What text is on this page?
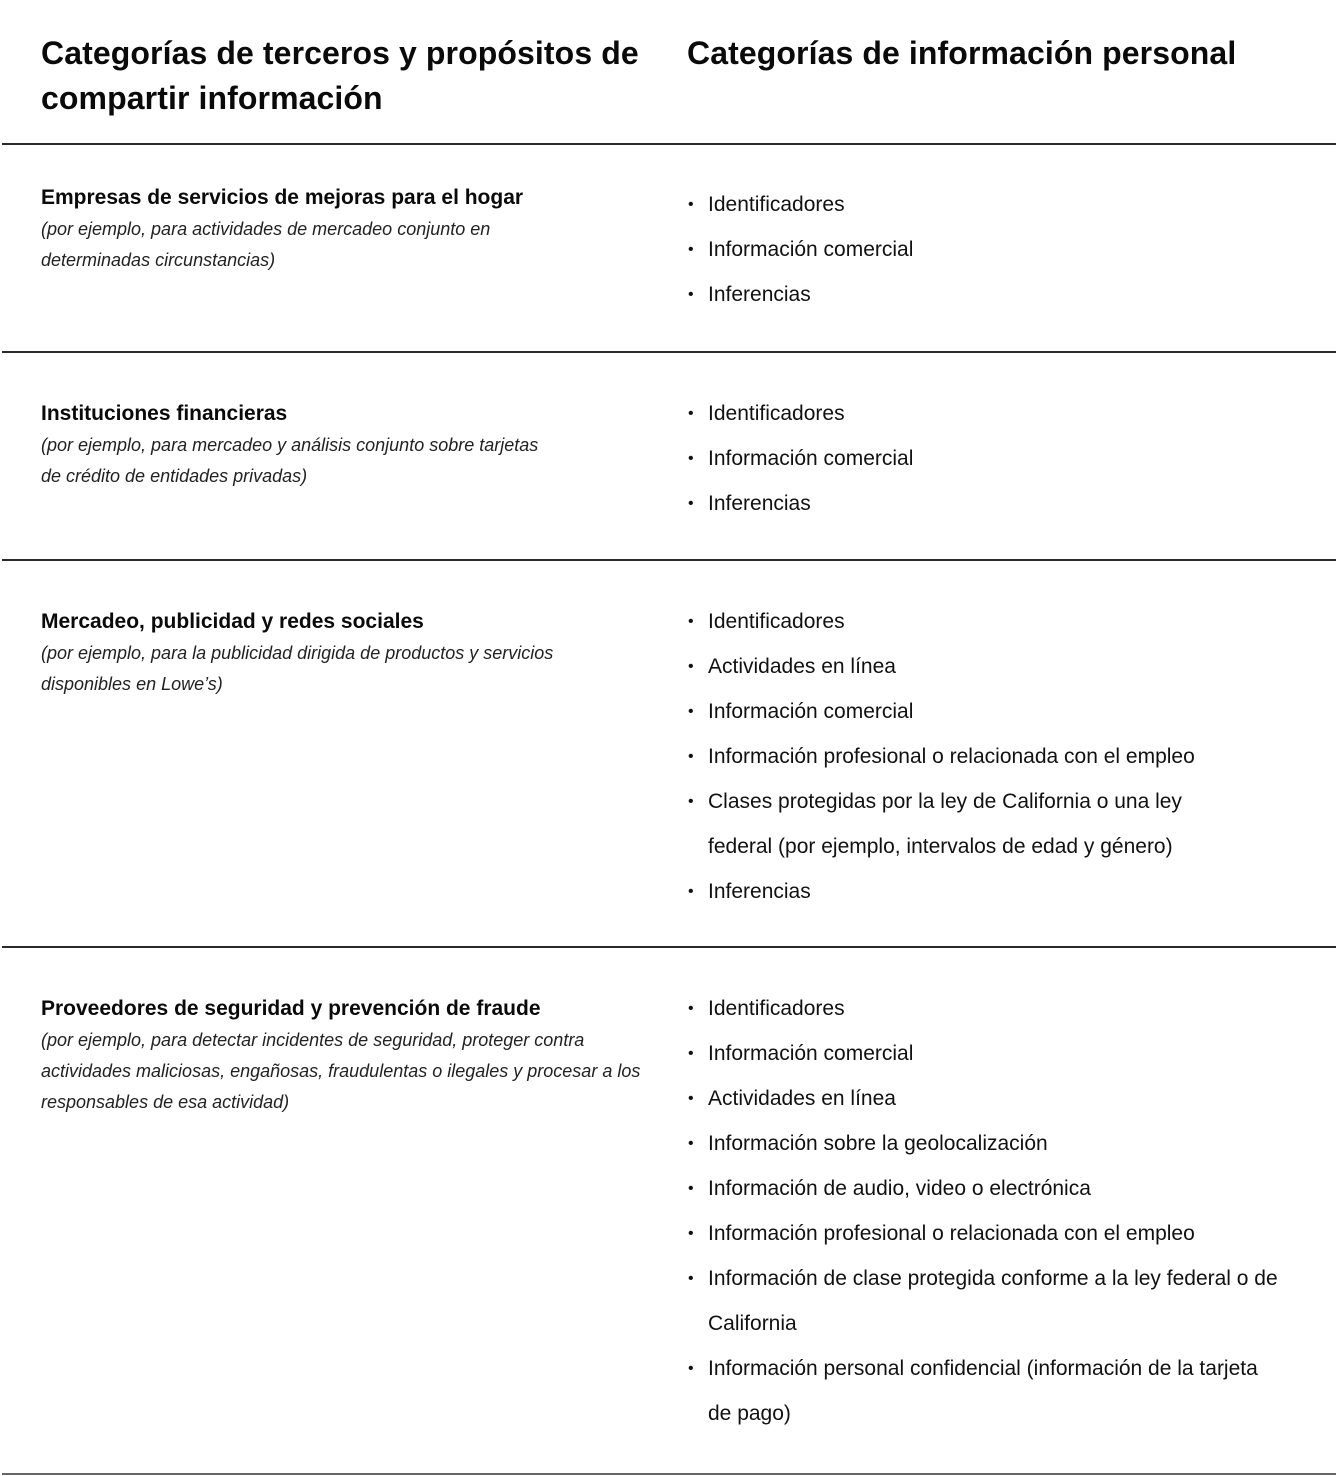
Categorías de terceros y propósitos de compartir información
Categorías de información personal
Empresas de servicios de mejoras para el hogar
(por ejemplo, para actividades de mercadeo conjunto en determinadas circunstancias)
• Identificadores
• Información comercial
• Inferencias
Instituciones financieras
(por ejemplo, para mercadeo y análisis conjunto sobre tarjetas de crédito de entidades privadas)
• Identificadores
• Información comercial
• Inferencias
Mercadeo, publicidad y redes sociales
(por ejemplo, para la publicidad dirigida de productos y servicios disponibles en Lowe’s)
• Identificadores
• Actividades en línea
• Información comercial
• Información profesional o relacionada con el empleo
• Clases protegidas por la ley de California o una ley federal (por ejemplo, intervalos de edad y género)
• Inferencias
Proveedores de seguridad y prevención de fraude
(por ejemplo, para detectar incidentes de seguridad, proteger contra actividades maliciosas, engañosas, fraudulentas o ilegales y procesar a los responsables de esa actividad)
• Identificadores
• Información comercial
• Actividades en línea
• Información sobre la geolocalización
• Información de audio, video o electrónica
• Información profesional o relacionada con el empleo
• Información de clase protegida conforme a la ley federal o de California
• Información personal confidencial (información de la tarjeta de pago)
